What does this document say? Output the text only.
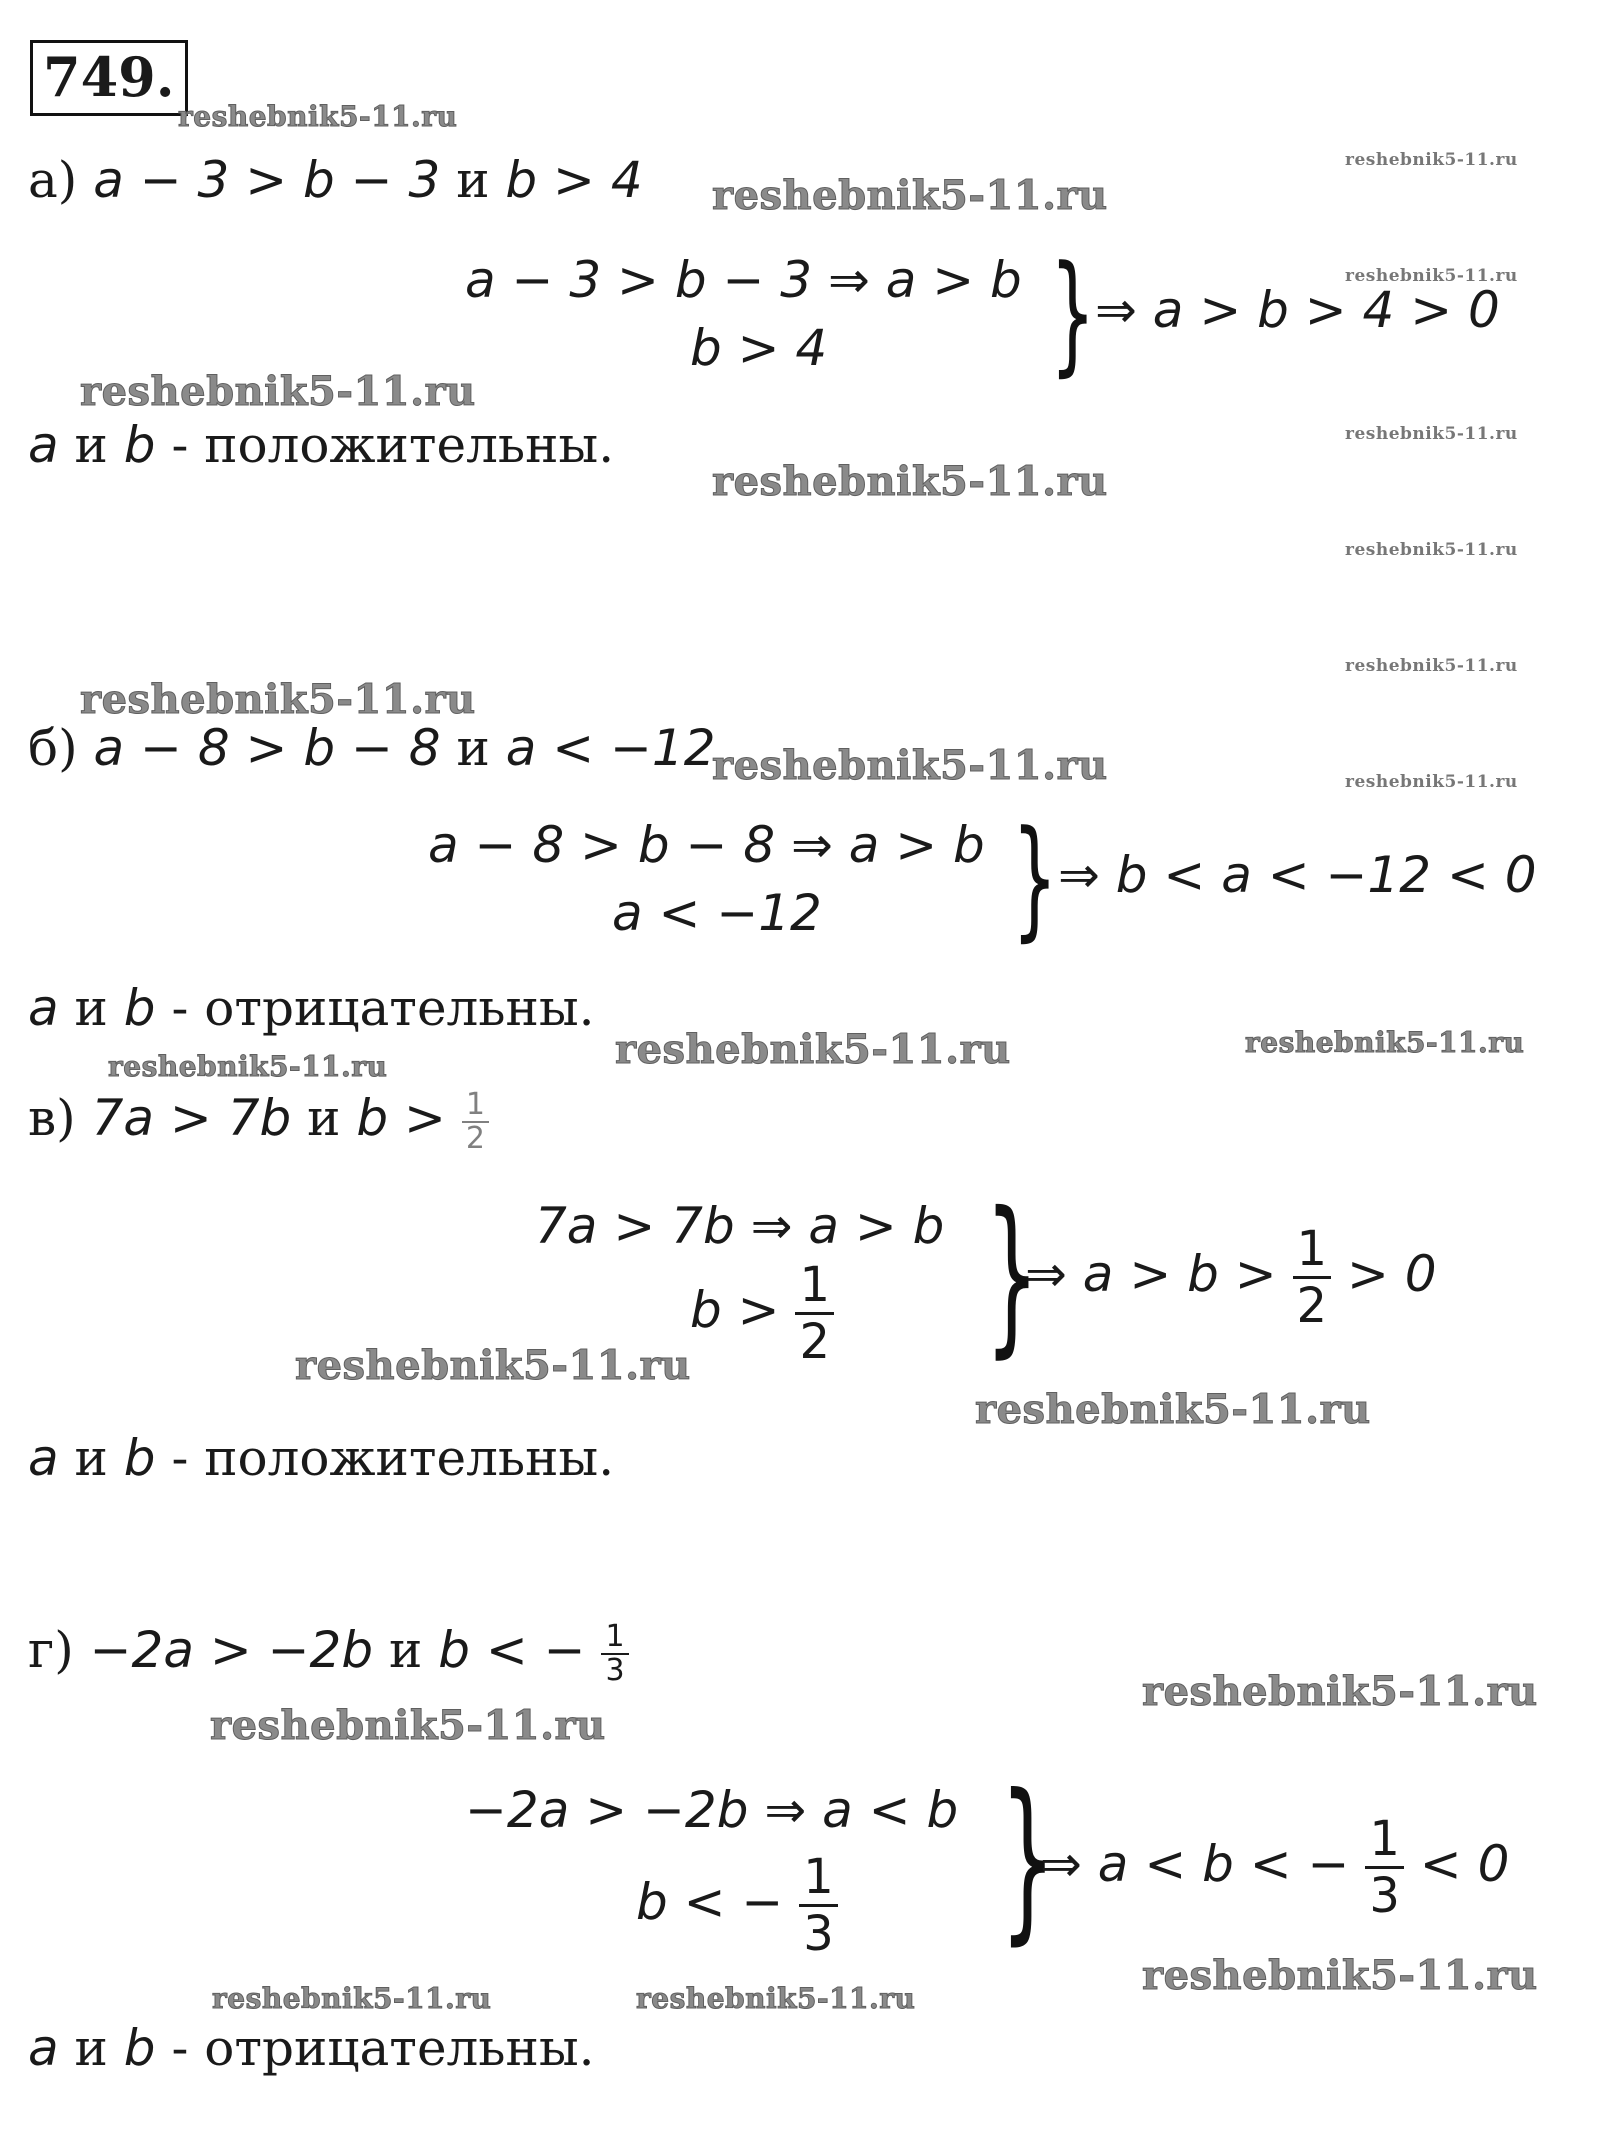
749.
а) a − 3 > b − 3 и b > 4
a − 3 > b − 3 ⇒ a > b
b > 4 } ⇒ a > b > 4 > 0
a и b - положительны.
б) a − 8 > b − 8 и a < −12
a − 8 > b − 8 ⇒ a > b
a < −12 } ⇒ b < a < −12 < 0
a и b - отрицательны.
в) 7a > 7b и $b > \frac{1}{2}$
7a > 7b ⇒ a > b
$b > \frac{1}{2}$ }
⇒ $a > b > \frac{1}{2} > 0$
a и b - положительны.
г) −2a > −2b и b < − $\frac{1}{3}$
−2a > −2b ⇒ a < b
b < − $\frac{1}{3}$ }
⇒ a < b < − $\frac{1}{3} < 0$
a и b - отрицательны.
reshebnik5-11.ru
reshebnik5-11.ru
reshebnik5-11.ru
reshebnik5-11.ru
reshebnik5-11.ru
reshebnik5-11.ru
reshebnik5-11.ru
reshebnik5-11.ru
reshebnik5-11.ru
reshebnik5-11.ru
reshebnik5-11.ru	reshebnik5-11.ru
reshebnik5-11.ru	reshebnik5-11.ru	reshebnik5-11.ru
reshebnik5-11.ru
reshebnik5-11.ru
reshebnik5-11.ru
reshebnik5-11.ru
reshebnik5-11.ru
reshebnik5-11.ru	reshebnik5-11.ru
